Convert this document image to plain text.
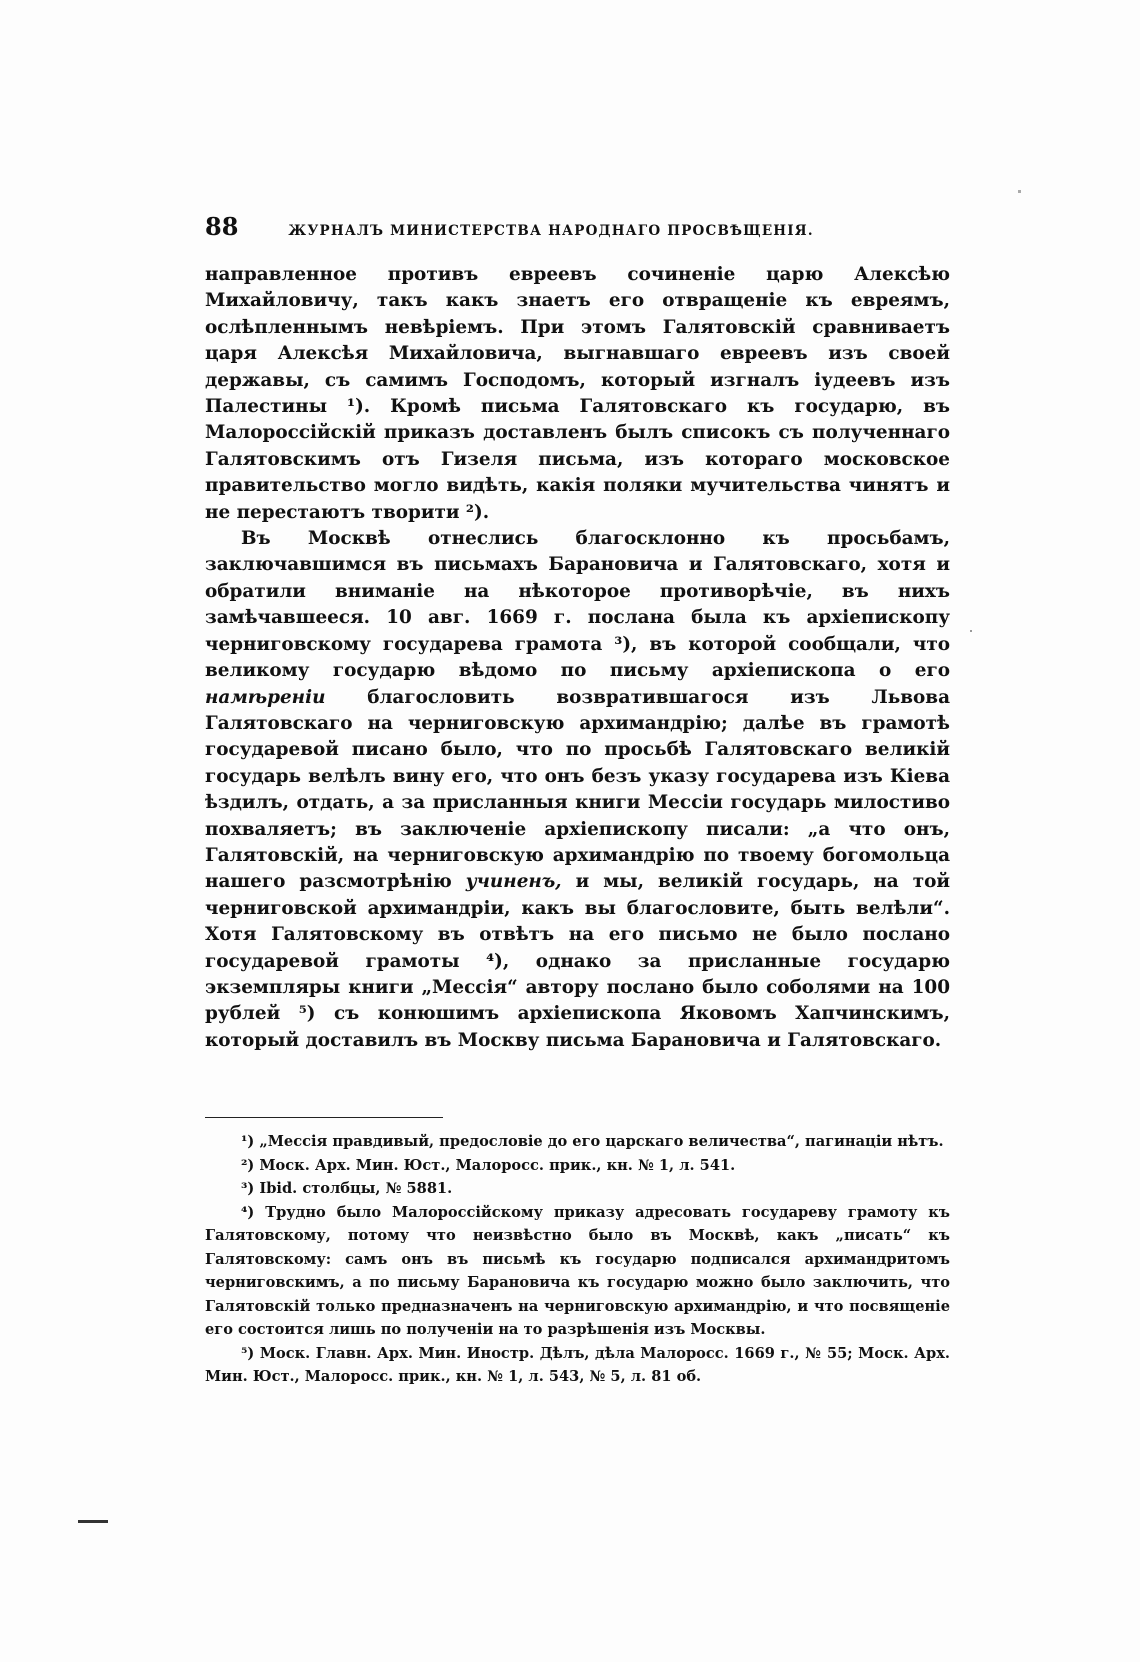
88	ЖУРНАЛЪ МИНИСТЕРСТВА НАРОДНАГО ПРОСВѢЩЕНІЯ.

направленное противъ евреевъ сочиненіе царю Алексѣю Михайловичу, такъ какъ знаетъ его отвращеніе къ евреямъ, ослѣпленнымъ невѣріемъ. При этомъ Галятовскій сравниваетъ царя Алексѣя Михайловича, выгнавшаго евреевъ изъ своей державы, съ самимъ Господомъ, который изгналъ іудеевъ изъ Палестины ¹). Кромѣ письма Галятовскаго къ государю, въ Малороссійскій приказъ доставленъ былъ списокъ съ полученнаго Галятовскимъ отъ Гизеля письма, изъ котораго московское правительство могло видѣть, какія поляки мучительства чинятъ и не перестаютъ творити ²).

Въ Москвѣ отнеслись благосклонно къ просьбамъ, заключавшимся въ письмахъ Барановича и Галятовскаго, хотя и обратили вниманіе на нѣкоторое противорѣчіе, въ нихъ замѣчавшееся. 10 авг. 1669 г. послана была къ архіепископу черниговскому государева грамота ³), въ которой сообщали, что великому государю вѣдомо по письму архіепископа о его намѣреніи благословить возвратившагося изъ Львова Галятовскаго на черниговскую архимандрію; далѣе въ грамотѣ государевой писано было, что по просьбѣ Галятовскаго великій государь велѣлъ вину его, что онъ безъ указу государева изъ Кіева ѣздилъ, отдать, а за присланныя книги Мессіи государь милостиво похваляетъ; въ заключеніе архіепископу писали: „а что онъ, Галятовскій, на черниговскую архимандрію по твоему богомольца нашего разсмотрѣнію учиненъ, и мы, великій государь, на той черниговской архимандріи, какъ вы благословите, быть велѣли“. Хотя Галятовскому въ отвѣтъ на его письмо не было послано государевой грамоты ⁴), однако за присланные государю экземпляры книги „Мессія“ автору послано было соболями на 100 рублей ⁵) съ конюшимъ архіепископа Яковомъ Хапчинскимъ, который доставилъ въ Москву письма Барановича и Галятовскаго.

¹) „Мессія правдивый, предословіе до его царскаго величества“, пагинаціи нѣтъ.

²) Моск. Арх. Мин. Юст., Малоросс. прик., кн. № 1, л. 541.

³) Ibid. столбцы, № 5881.

⁴) Трудно было Малороссійскому приказу адресовать государеву грамоту къ Галятовскому, потому что неизвѣстно было въ Москвѣ, какъ „писать“ къ Галятовскому: самъ онъ въ письмѣ къ государю подписался архимандритомъ черниговскимъ, а по письму Барановича къ государю можно было заключить, что Галятовскій только предназначенъ на черниговскую архимандрію, и что посвященіе его состоится лишь по полученіи на то разрѣшенія изъ Москвы.

⁵) Моск. Главн. Арх. Мин. Иностр. Дѣлъ, дѣла Малоросс. 1669 г., № 55; Моск. Арх. Мин. Юст., Малоросс. прик., кн. № 1, л. 543, № 5, л. 81 об.
